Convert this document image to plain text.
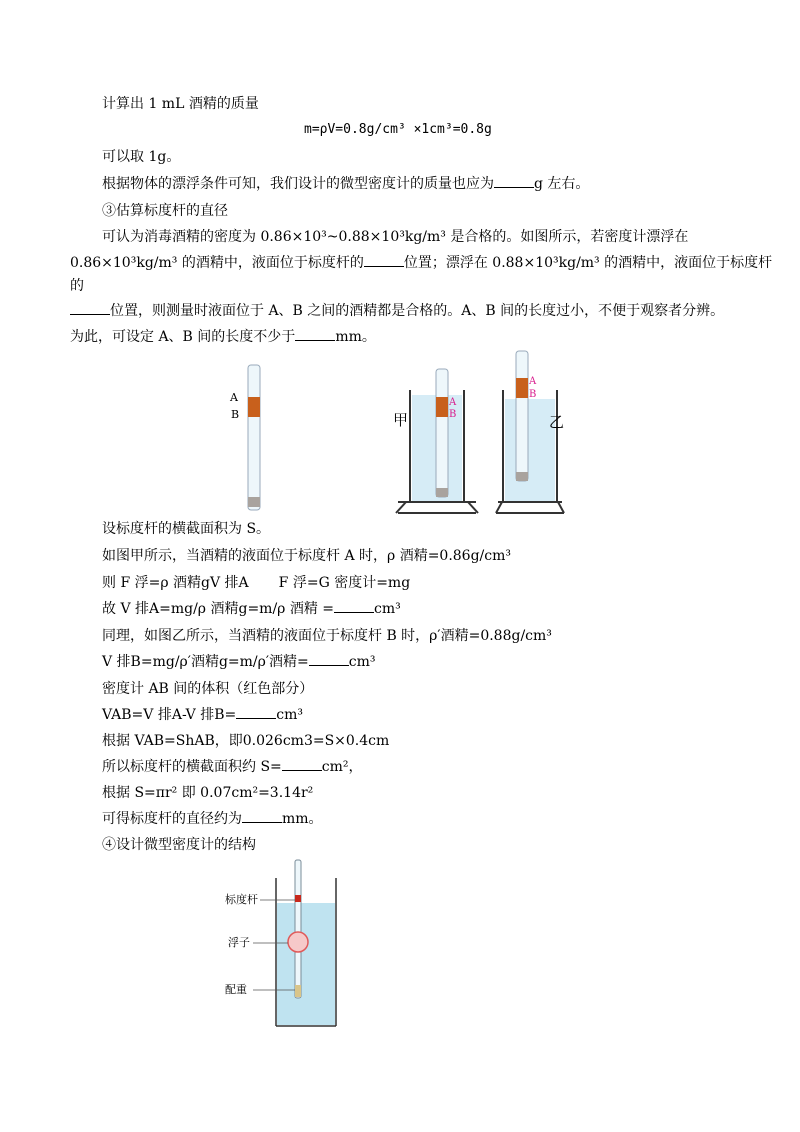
计算出 1 mL 酒精的质量
m=ρV=0.8g/cm³ ×1cm³=0.8g
可以取 1g。
根据物体的漂浮条件可知，我们设计的微型密度计的质量也应为	g 左右。
③估算标度杆的直径
可认为消毒酒精的密度为 0.86×10³~0.88×10³kg/m³ 是合格的。如图所示，若密度计漂浮在
0.86×10³kg/m³ 的酒精中，液面位于标度杆的	位置；漂浮在 0.88×10³kg/m³ 的酒精中，液面位于标度杆
的
位置，则测量时液面位于 A、B 之间的酒精都是合格的。A、B 间的长度过小，不便于观察者分辨。
为此，可设定 A、B 间的长度不少于	mm。
A
B
A
B
甲
A
B
乙
设标度杆的横截面积为 S。
如图甲所示，当酒精的液面位于标度杆 A 时，ρ 酒精=0.86g/cm³
则 F 浮=ρ 酒精gV 排A F 浮=G 密度计=mg
故 V 排A=mg/ρ 酒精g=m/ρ 酒精 =	cm³
同理，如图乙所示，当酒精的液面位于标度杆 B 时，ρ′酒精=0.88g/cm³
V 排B=mg/ρ′酒精g=m/ρ′酒精=	cm³
密度计 AB 间的体积（红色部分）
VAB=V 排A-V 排B=	cm³
根据 VAB=ShAB，即0.026cm3=S×0.4cm
所以标度杆的横截面积约 S=	cm²，
根据 S=πr² 即 0.07cm²=3.14r²
可得标度杆的直径约为	mm。
④设计微型密度计的结构
标度杆
浮子
配重
